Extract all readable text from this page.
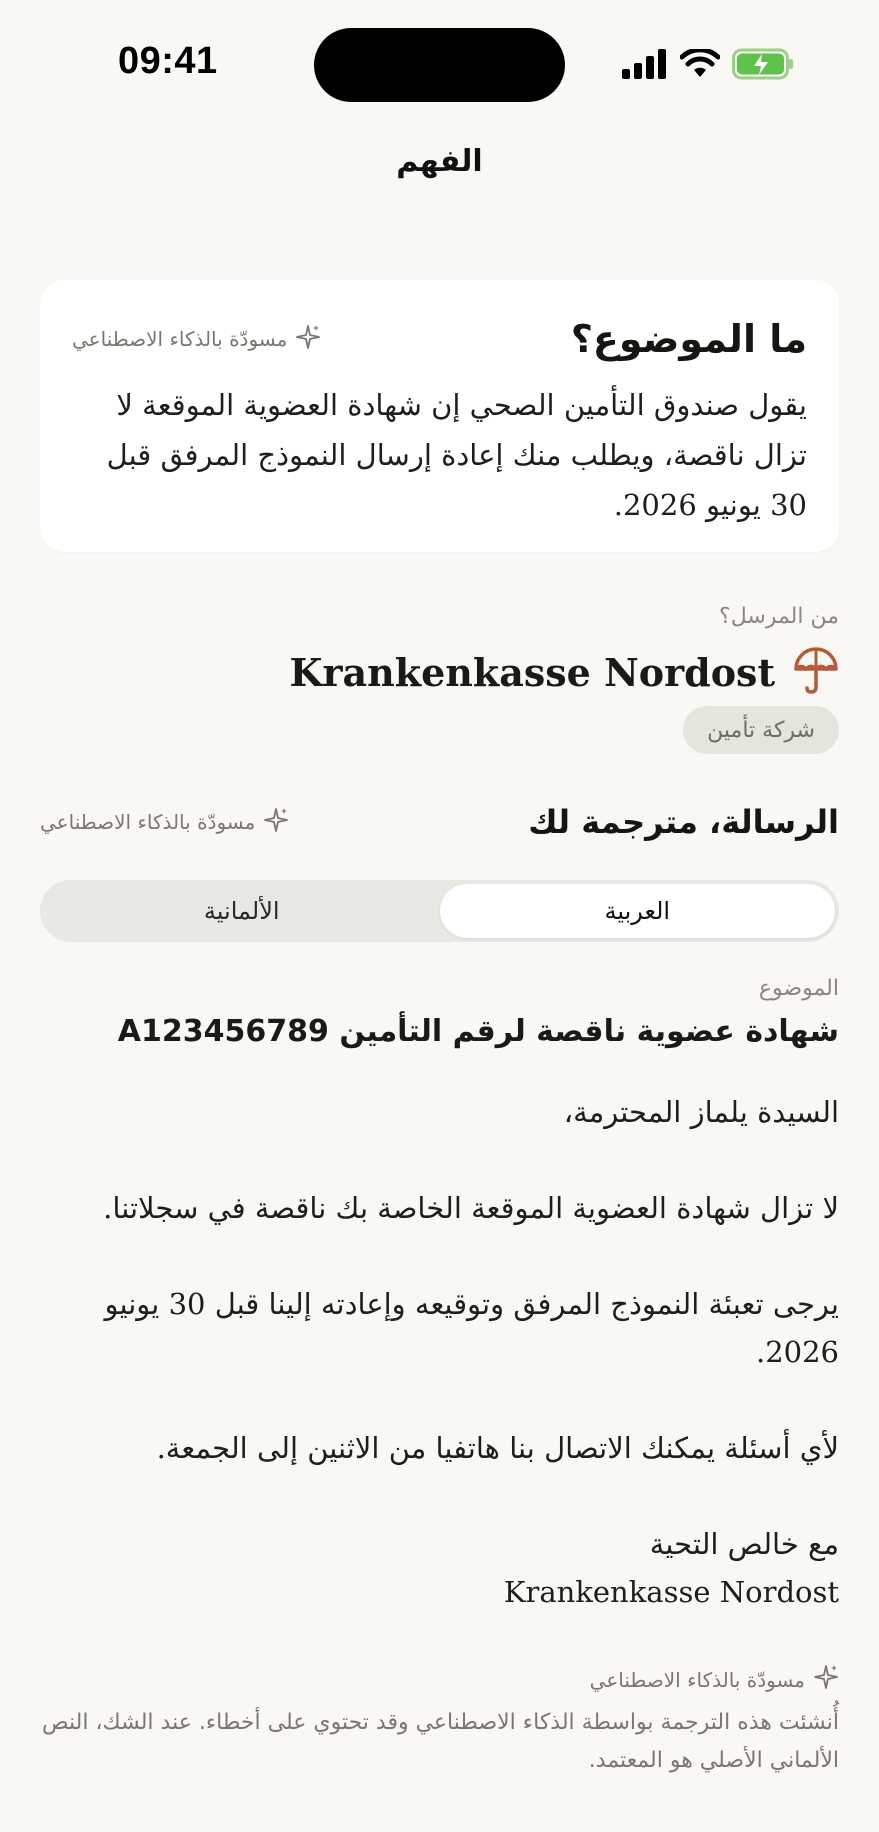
09:41
الفهم
ما الموضوع؟
مسودّة بالذكاء الاصطناعي
يقول صندوق التأمين الصحي إن شهادة العضوية الموقعة لا تزال ناقصة، ويطلب منك إعادة إرسال النموذج المرفق قبل 30 يونيو 2026.
من المرسل؟
Krankenkasse Nordost
شركة تأمين
الرسالة، مترجمة لك
مسودّة بالذكاء الاصطناعي
العربية
الألمانية
الموضوع
شهادة عضوية ناقصة لرقم التأمين A123456789

السيدة يلماز المحترمة،

لا تزال شهادة العضوية الموقعة الخاصة بك ناقصة في سجلاتنا.

يرجى تعبئة النموذج المرفق وتوقيعه وإعادته إلينا قبل 30 يونيو 2026.

لأي أسئلة يمكنك الاتصال بنا هاتفيا من الاثنين إلى الجمعة.

مع خالص التحية

Krankenkasse Nordost

مسودّة بالذكاء الاصطناعي
أُنشئت هذه الترجمة بواسطة الذكاء الاصطناعي وقد تحتوي على أخطاء. عند الشك، النص الألماني الأصلي هو المعتمد.
